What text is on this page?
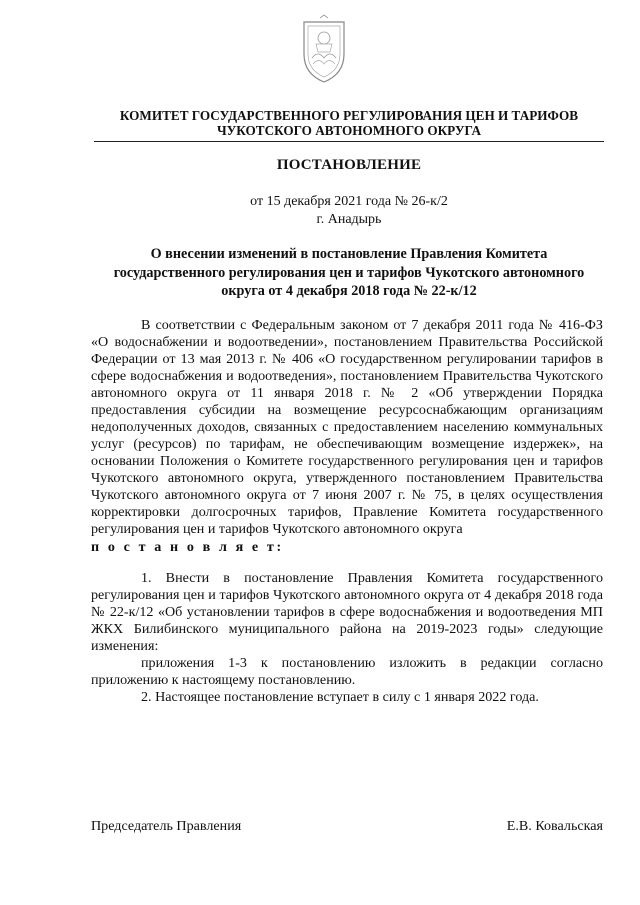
КОМИТЕТ ГОСУДАРСТВЕННОГО РЕГУЛИРОВАНИЯ ЦЕН И ТАРИФОВ
ЧУКОТСКОГО АВТОНОМНОГО ОКРУГА
ПОСТАНОВЛЕНИЕ
от 15 декабря 2021 года № 26-к/2
г. Анадырь
О внесении изменений в постановление Правления Комитета
государственного регулирования цен и тарифов Чукотского автономного
округа от 4 декабря 2018 года № 22-к/12

В соответствии с Федеральным законом от 7 декабря 2011 года № 416-ФЗ «О водоснабжении и водоотведении», постановлением Правительства Российской Федерации от 13 мая 2013 г. № 406 «О государственном регулировании тарифов в сфере водоснабжения и водоотведения», постановлением Правительства Чукотского автономного округа от 11 января 2018 г. № 2 «Об утверждении Порядка предоставления субсидии на возмещение ресурсоснабжающим организациям недополученных доходов, связанных с предоставлением населению коммунальных услуг (ресурсов) по тарифам, не обеспечивающим возмещение издержек», на основании Положения о Комитете государственного регулирования цен и тарифов Чукотского автономного округа, утвержденного постановлением Правительства Чукотского автономного округа от 7 июня 2007 г. № 75, в целях осуществления корректировки долгосрочных тарифов, Правление Комитета государственного регулирования цен и тарифов Чукотского автономного округа

п о с т а н о в л я е т:

1. Внести в постановление Правления Комитета государственного регулирования цен и тарифов Чукотского автономного округа от 4 декабря 2018 года № 22-к/12 «Об установлении тарифов в сфере водоснабжения и водоотведения МП ЖКХ Билибинского муниципального района на 2019-2023 годы» следующие изменения:

приложения 1-3 к постановлению изложить в редакции согласно приложению к настоящему постановлению.

2. Настоящее постановление вступает в силу с 1 января 2022 года.

Председатель Правления	Е.В. Ковальская
